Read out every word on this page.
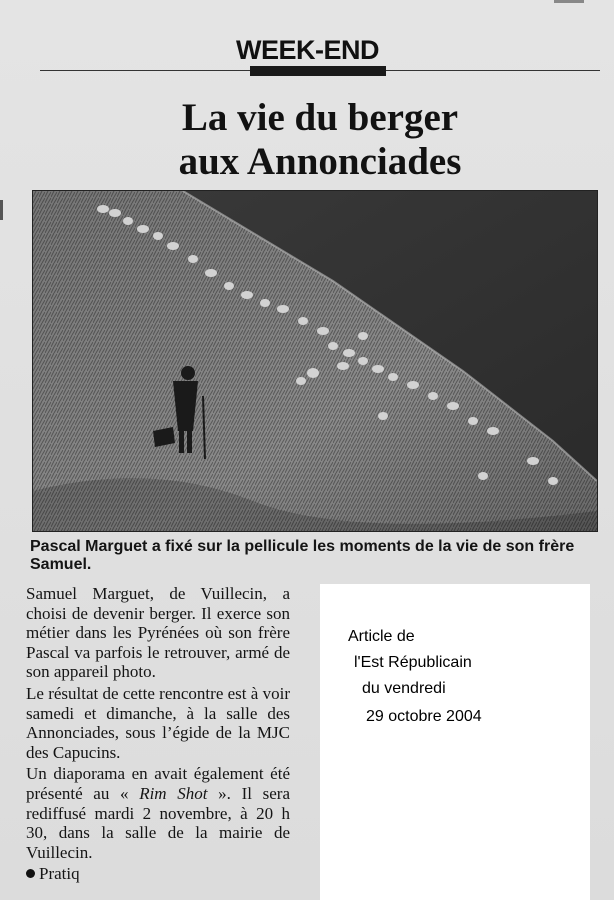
WEEK-END
La vie du berger
aux Annonciades
Pascal Marguet a fixé sur la pellicule les moments de la vie de son frère Samuel.

Samuel Marguet, de Vuillecin, a choisi de devenir berger. Il exerce son métier dans les Pyrénées où son frère Pascal va parfois le retrouver, armé de son appareil photo.

Le résultat de cette rencontre est à voir samedi et dimanche, à la salle des Annonciades, sous l’égide de la MJC des Capucins.

Un diaporama en avait également été présenté au « Rim Shot ». Il sera rediffusé mardi 2 novembre, à 20 h 30, dans la salle de la mairie de Vuillecin.

Pratiq

Article de
l'Est Républicain
du vendredi
29 octobre 2004
